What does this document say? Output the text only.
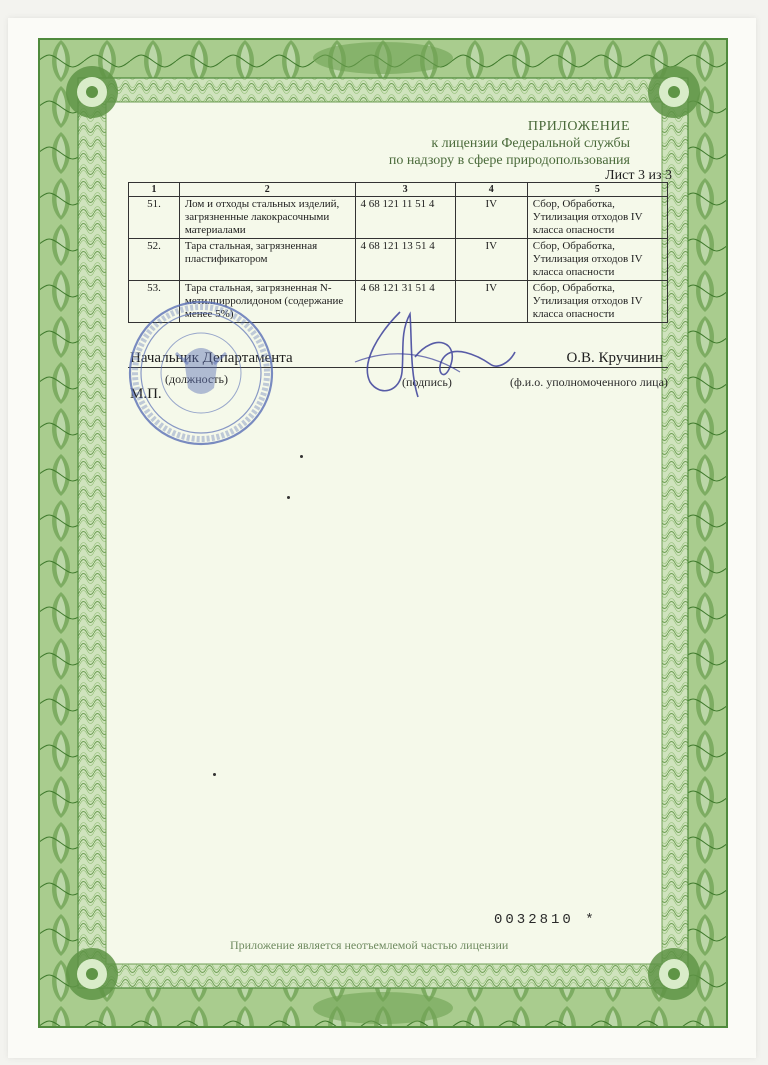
ПРИЛОЖЕНИЕ
к лицензии Федеральной службы
по надзору в сфере природопользования
Лист 3 из 3
1	2	3	4	5
51.	Лом и отходы стальных изделий, загрязненные лакокрасочными материалами	4 68 121 11 51 4	IV	Сбор, Обработка, Утилизация отходов IV класса опасности
52.	Тара стальная, загрязненная пластификатором	4 68 121 13 51 4	IV	Сбор, Обработка, Утилизация отходов IV класса опасности
53.	Тара стальная, загрязненная N-метилпирролидоном (содержание менее 5%)	4 68 121 31 51 4	IV	Сбор, Обработка, Утилизация отходов IV класса опасности
Начальник Департамента	О.В. Кручинин
(должность)	(подпись)	(ф.и.о. уполномоченного лица)
М.П.
0032810 *
Приложение является неотъемлемой частью лицензии
